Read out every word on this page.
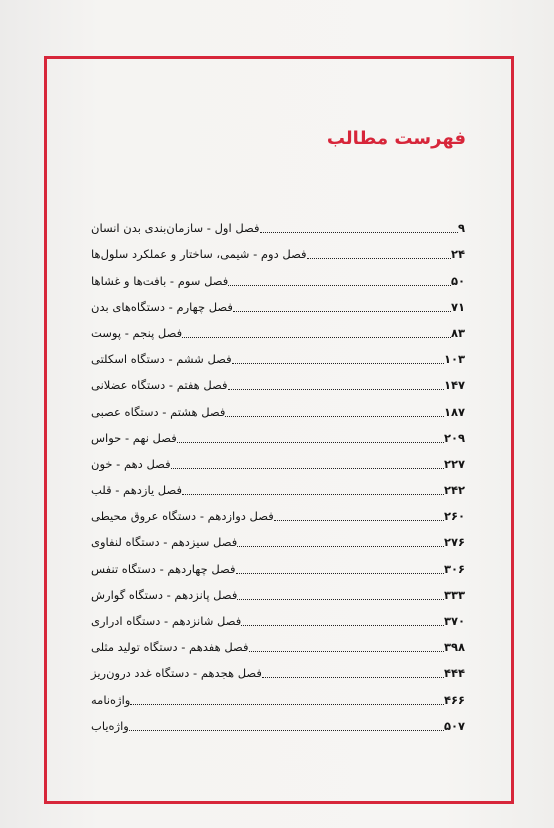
فهرست مطالب
فصل اول - سازمان‌بندی بدن انسان	۹
فصل دوم - شیمی، ساختار و عملکرد سلول‌ها	۲۴
فصل سوم - بافت‌ها و غشاها	۵۰
فصل چهارم - دستگاه‌های بدن	۷۱
فصل پنجم - پوست	۸۳
فصل ششم - دستگاه اسکلتی	۱۰۳
فصل هفتم - دستگاه عضلانی	۱۴۷
فصل هشتم - دستگاه عصبی	۱۸۷
فصل نهم - حواس	۲۰۹
فصل دهم - خون	۲۲۷
فصل یازدهم - قلب	۲۴۲
فصل دوازدهم - دستگاه عروق محیطی	۲۶۰
فصل سیزدهم - دستگاه لنفاوی	۲۷۶
فصل چهاردهم - دستگاه تنفس	۳۰۶
فصل پانزدهم - دستگاه گوارش	۳۳۳
فصل شانزدهم - دستگاه ادراری	۳۷۰
فصل هفدهم - دستگاه تولید مثلی	۳۹۸
فصل هجدهم - دستگاه غدد درون‌ریز	۴۴۴
واژه‌نامه	۴۶۶
واژه‌یاب	۵۰۷
